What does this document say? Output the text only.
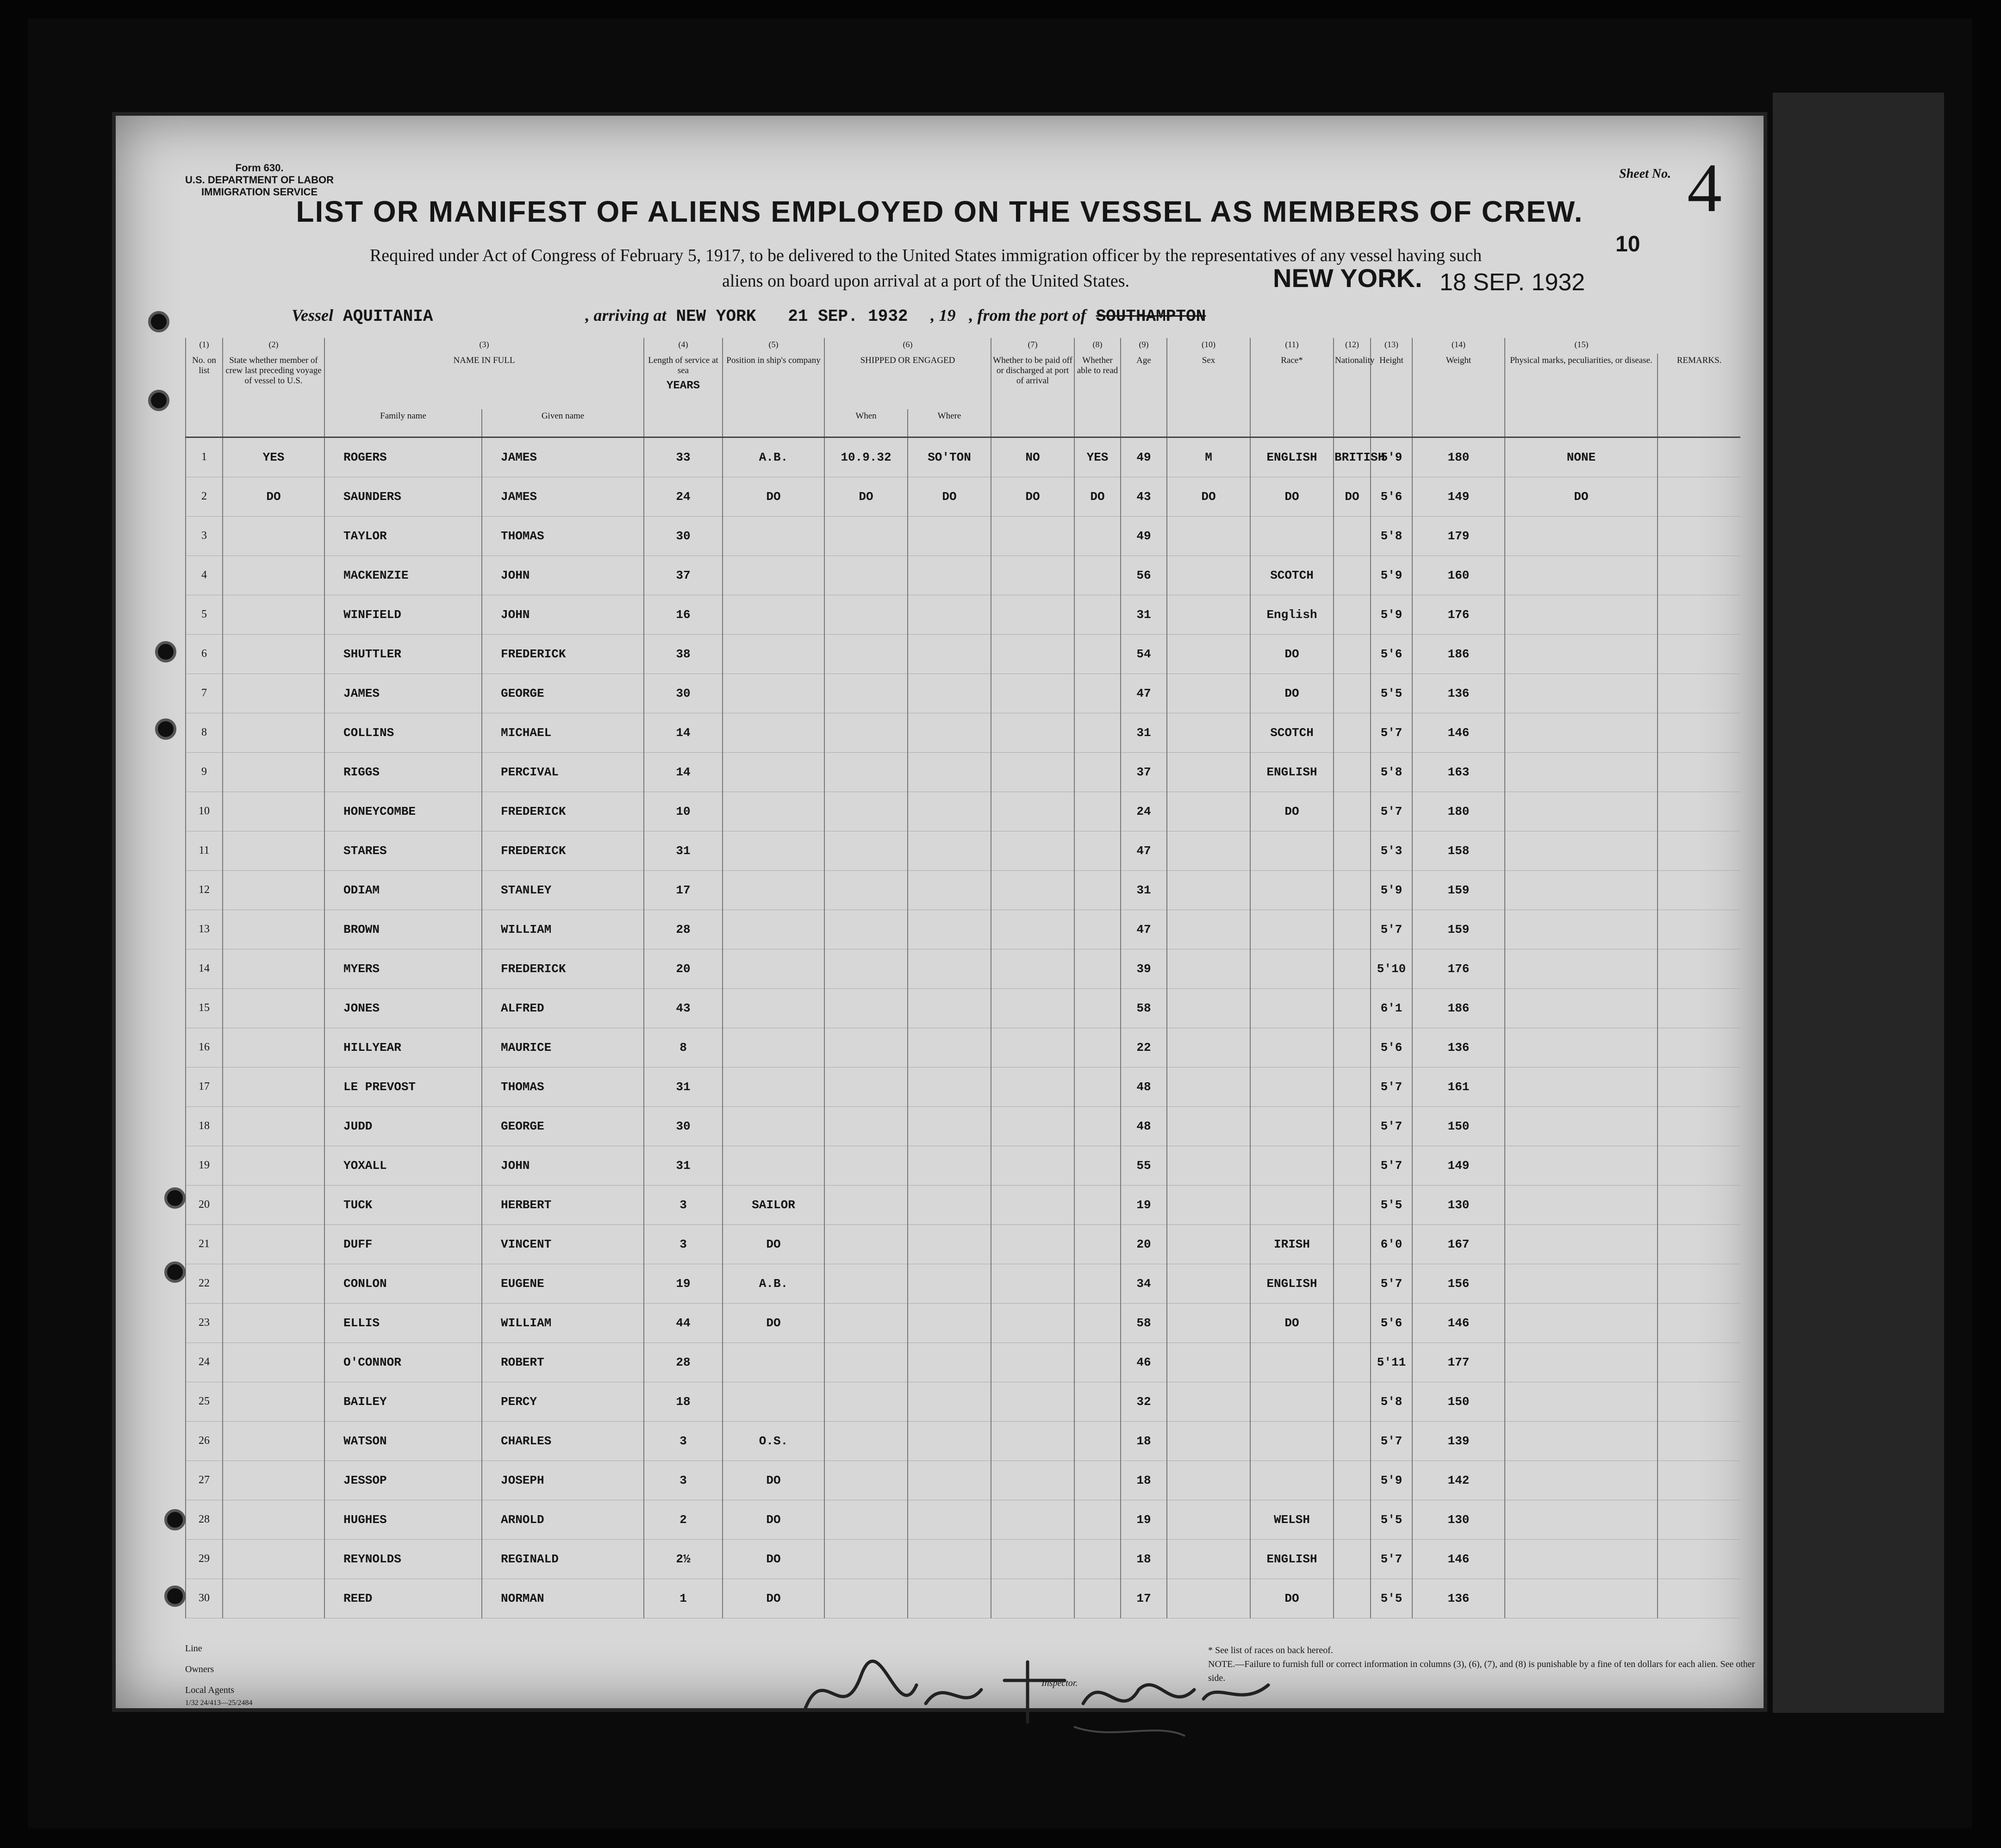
Form 630.
U.S. DEPARTMENT OF LABOR
IMMIGRATION SERVICE
Sheet No. 4
LIST OR MANIFEST OF ALIENS EMPLOYED ON THE VESSEL AS MEMBERS OF CREW.
Required under Act of Congress of February 5, 1917, to be delivered to the United States immigration officer by the representatives of any vessel having such
aliens on board upon arrival at a port of the United States.	NEW YORK. 18 SEP. 1932
10
Vessel AQUITANIA	, arriving at NEW YORK 21 SEP. 1932 , 19 , from the port of SOUTHAMPTON
(1)	(2)	(3)		(4)	(5)	(6)		(7)	(8)	(9)	(10)	(11)	(12)	(13)	(14)	(15)	
No. on list	State whether member of crew last preceding voyage of vessel to U.S.	NAME IN FULL		Length of service at sea
YEARS	Position in ship's company	SHIPPED OR ENGAGED		Whether to be paid off or discharged at port of arrival	Whether able to read	Age	Sex	Race*	Nationality	Height	Weight	Physical marks, peculiarities, or disease.	REMARKS.
		Family name	Given name			When	Where										
1	YES	ROGERS	JAMES	33	A.B.	10.9.32	SO'TON	NO	YES	49	M	ENGLISH	BRITISH	5'9	180	NONE	
2	DO	SAUNDERS	JAMES	24	DO	DO	DO	DO	DO	43	DO	DO	DO	5'6	149	DO	
3		TAYLOR	THOMAS	30						49				5'8	179		
4		MACKENZIE	JOHN	37						56		SCOTCH		5'9	160		
5		WINFIELD	JOHN	16						31		English		5'9	176		
6		SHUTTLER	FREDERICK	38						54		DO		5'6	186		
7		JAMES	GEORGE	30						47		DO		5'5	136		
8		COLLINS	MICHAEL	14						31		SCOTCH		5'7	146		
9		RIGGS	PERCIVAL	14						37		ENGLISH		5'8	163		
10		HONEYCOMBE	FREDERICK	10						24		DO		5'7	180		
11		STARES	FREDERICK	31						47				5'3	158		
12		ODIAM	STANLEY	17						31				5'9	159		
13		BROWN	WILLIAM	28						47				5'7	159		
14		MYERS	FREDERICK	20						39				5'10	176		
15		JONES	ALFRED	43						58				6'1	186		
16		HILLYEAR	MAURICE	8						22				5'6	136		
17		LE PREVOST	THOMAS	31						48				5'7	161		
18		JUDD	GEORGE	30						48				5'7	150		
19		YOXALL	JOHN	31						55				5'7	149		
20		TUCK	HERBERT	3	SAILOR					19				5'5	130		
21		DUFF	VINCENT	3	DO					20		IRISH		6'0	167		
22		CONLON	EUGENE	19	A.B.					34		ENGLISH		5'7	156		
23		ELLIS	WILLIAM	44	DO					58		DO		5'6	146		
24		O'CONNOR	ROBERT	28						46				5'11	177		
25		BAILEY	PERCY	18						32				5'8	150		
26		WATSON	CHARLES	3	O.S.					18				5'7	139		
27		JESSOP	JOSEPH	3	DO					18				5'9	142		
28		HUGHES	ARNOLD	2	DO					19		WELSH		5'5	130		
29		REYNOLDS	REGINALD	2½	DO					18		ENGLISH		5'7	146		
30		REED	NORMAN	1	DO					17		DO		5'5	136		
Line
Owners
Local Agents
1/32 24/413—25/2484
Inspector.
* See list of races on back hereof.
NOTE.—Failure to furnish full or correct information in columns (3), (6), (7), and (8) is punishable by a fine of ten dollars for each alien. See other side.
